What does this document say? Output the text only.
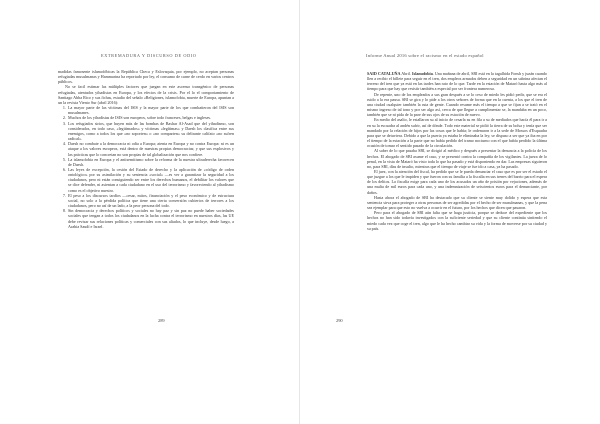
EXTREMADURA Y DISCURSO DE ODIO

madidas famosente islamofóbicas la República Checa y Eslovaquia, por ejemplo, no aceptan personas refugiadas musulmanas y Hammarina ha reportado por ley, el consumo de carne de cerdo en varios centros públicos.

No se facil estimar las múltiples factores que juegan en este ascenso transgénico de personas refugiadas, atentados yihadistas en Europa, y los efectos de la crisis. Por el lo el comportamiento de Santiago Abba Rico y sus fichas, estudio del señalo «Religiones, islamofobia, muerte de Europa, apuntan a un la revista Viento Sur (abril 2016):

1. La mayor parte de las víctimas del ISIS y la mayor parte de los que combatieron del ISIS son musulmanes.
2. Muchos de los yihadistas de ISIS son europeos, sobre todo franceses, belgas e ingleses.
3. Los refugiados sirios, que huyen más de las bombas de Bashar Al-Asad que del yihadismo, son considerados, en todo caso, «legitimados» y víctimas «legítimas» y Daesh los clasifica entre sus enemigos, como a todos los que «no soporten» o «no comparten» su delirante califato «no sufren radical».
4. Daesh no combate a la democracia ni odia a Europa; atenta en Europa y no contra Europa: ni es un ataque a los valores europeos, está dentro de nuestras propias democracias; y que sus explosivos y las prácticas que lo concretan no son propias de tal globalización que nos confiere.
5. La islamofobia en Europa y el antisemitismo sobre la reforma de la nuestra ultraderecha favorecen de Daesh.
6. Las leyes de excepción, la cesión del Estado de derecho y la aplicación de «código de orden ontológico» por su asimilación y su sentencia «social» —es ver a garantizar la seguridad a los ciudadanos, pero ni están consiguiendo ser entre los derechos humanos, el debilitar los valores que se dice defender, ni asientan a cada ciudadano en el uso del terrorismo y favoreciendo al yihadismo como es el objetivo nuestro.
7. El peso a los discursos tardíos —cesar, mitos, financiación y el peso económico y de estructura social, no solo a la pérdida política que tiene una cierta conversión cubiertos de terrores a los ciudadanos, pero no así de un lado, a la peor persona del todo.
8. Sin democracia y derechos políticos y sociales no hay paz y sin paz no puede haber sociedades sociales que tengan a todos los ciudadanos en la lucha contra el terrorismo en nuestros días, las UE debe revisar sus relaciones políticas y comerciales con sus aliados, lo que incluye, desde luego, a Arabia Saudí e Israel.
289
Informe Anual 2016 sobre el racismo en el estado español

SAID CATALUÑA Abril. Islamofobia. Una mañana de abril, SBI está en la tagalhida Fonsh y juzán cuando llen a recibir el billete para seguir en el tren, dos empleos armados deben a seguridad en un sabrina afectan el terreno del tren que ya está en las tardes han rato de lo que. Tarde en la estación de Mataró hasta algo más al tiempo para que hay que resistir también a especial por ser frontera numerosa.

De repente, uno de los empleados a sus gran después a se lo ceso de miedo les pidió pedir, que se era el ruido a la era pausa. SBI se gira y lo pide a los otros señores de forma que en la cuenta, a los que el tren de una ciudad cualquier también la ruta de gente. Cuando resume más el tiempo a que se fijan a se trató en el mismo ingreso de tal tono y por ser algo así, cerca de que llegue a cumplimentar se, la mandaba en un poco, también que se ni pida de la pare de sus ojos de su estación de nuevo.

En medio del asalto, le estallaron su al inicio de cesarla su en fila a su de mediados que hacía él para ir a en su la escuadra al andén sufrir, así de dónde. Todo este material se pidió la tierra de su bolsa y tenía que ser mandado por la relación de hijos por las cosas que le había; le ordenaron ir a la sede de Mossos d'Esquadra para que se detuviera. Debido a que la puerta ya estaba le eliminaba la ley, se dispuso a ser que ya iba en por el tiempo de la estación a la parte que no había pedido del tramo nocturno con el que había perdido la última ocasión de tomar el sentido pasado de la circulación.

Al saber de lo que pasaba SBI, se dirigió al médico y después a presentar la denuncia a la policía de los hechos. El abogado de SBI asume el caso, y se presentó contra la compañía de los vigilantes. La jueza de lo penal, en la vista de Mataró ha visto toda lo que ha pasado y está disponiendo en dar. Las empresas siguieron no, para SBI, días de insulto, mientras que el tiempo de viaje se fue ido a casa, ya ha pasado.

El juez, con la atención del fiscal, ha pedido que se le pueda denunciar el caso que es por ser el estado el que juzgue a los que le impiden y que fueron con su familia a la fiscalía en sus trenes del barrio para el espera de los delitos. La fiscalía exige para cada uno de los acusados un año de prisión por vejaciones, además de una multa de mil euros para cada uno, y una indemnización de seiscientos euros para el denunciante, por daños.

Hasta ahora el abogado de SBI ha destacado que su cliente se siente muy dolido y espera que esta sentencia sirva para proteger a otras personas de ser agredidas por el hecho de ser musulmanas, y que la pena sea ejemplar para que esto no vuelva a ocurrir en el futuro, por los hechos que dicen que pasaron.

Pero para el abogado de SBI aún falta que se haga justicia, porque se deduce del expediente que los hechos no han sido todavía investigados con la suficiente seriedad y que su cliente continúa sintiendo el miedo cada vez que coge el tren, algo que le ha hecho cambiar su vida y la forma de moverse por su ciudad y su país.

290
